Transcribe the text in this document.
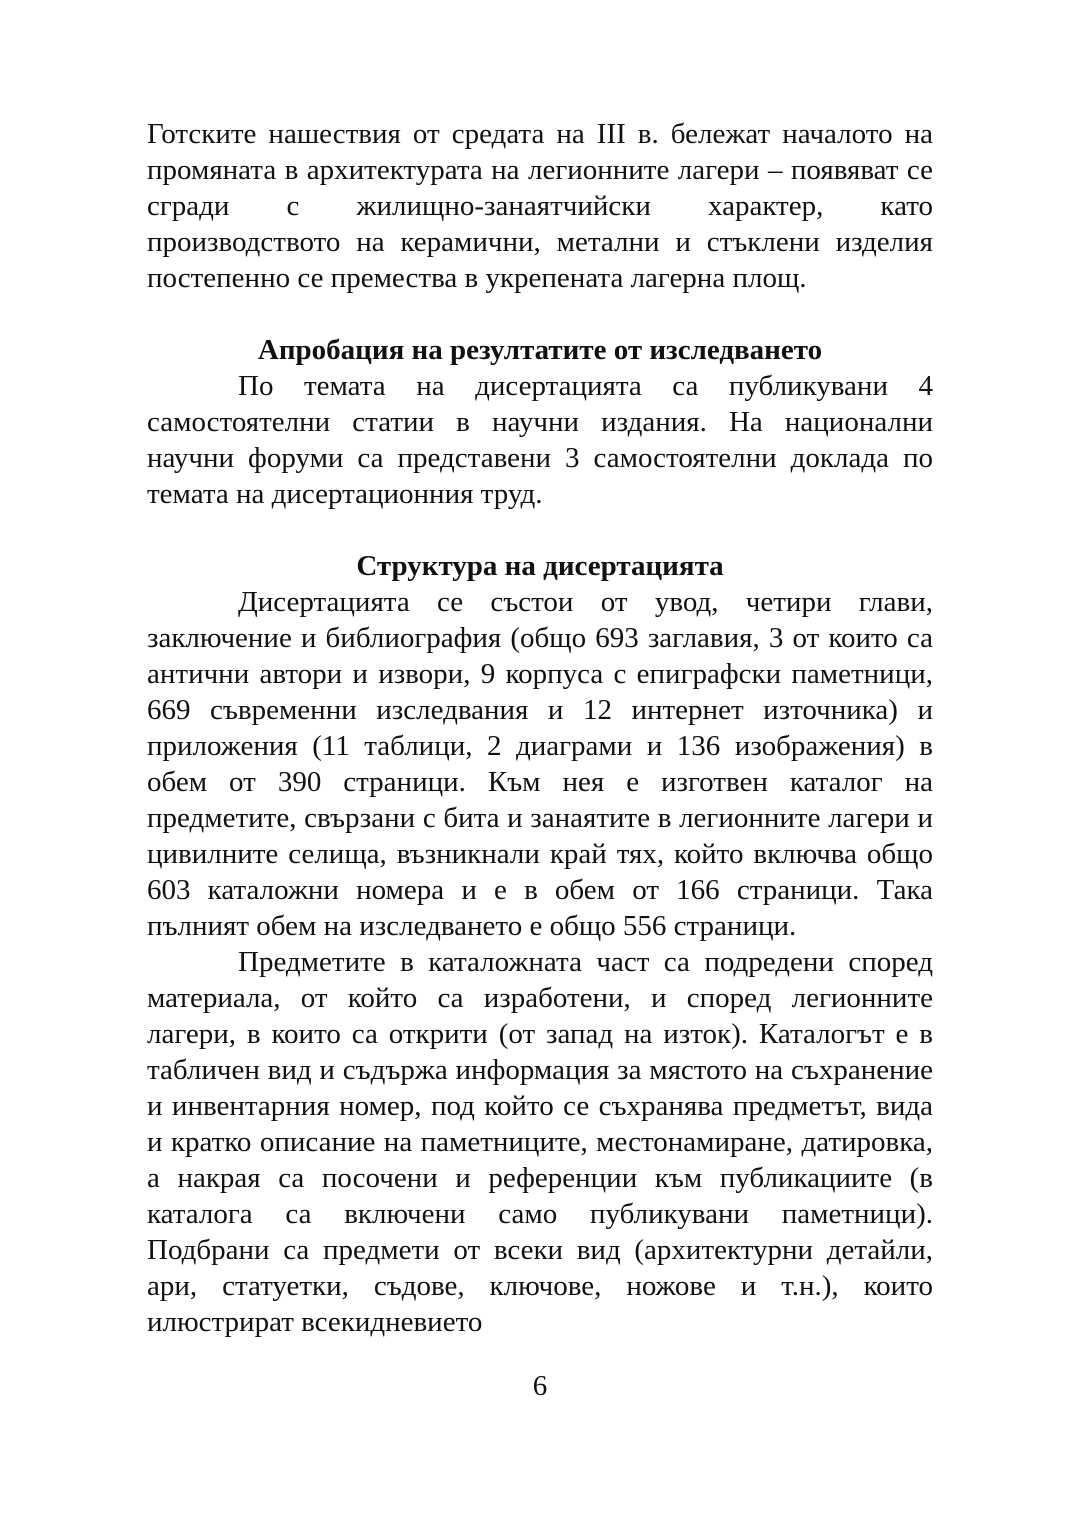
Готските нашествия от средата на III в. бележат началото на промяната в архитектурата на легионните лагери – появяват се сгради с жилищно-занаятчийски характер, като производството на керамични, метални и стъклени изделия постепенно се премества в укрепената лагерна площ.

Апробация на резултатите от изследването

По темата на дисертацията са публикувани 4 самостоятелни статии в научни издания. На национални научни форуми са представени 3 самостоятелни доклада по темата на дисертационния труд.

Структура на дисертацията

Дисертацията се състои от увод, четири глави, заключение и библиография (общо 693 заглавия, 3 от които са антични автори и извори, 9 корпуса с епиграфски паметници, 669 съвременни изследвания и 12 интернет източника) и приложения (11 таблици, 2 диаграми и 136 изображения) в обем от 390 страници. Към нея е изготвен каталог на предметите, свързани с бита и занаятите в легионните лагери и цивилните селища, възникнали край тях, който включва общо 603 каталожни номера и е в обем от 166 страници. Така пълният обем на изследването е общо 556 страници.

Предметите в каталожната част са подредени според материала, от който са изработени, и според легионните лагери, в които са открити (от запад на изток). Каталогът е в табличен вид и съдържа информация за мястото на съхранение и инвентарния номер, под който се съхранява предметът, вида и кратко описание на паметниците, местонамиране, датировка, а накрая са посочени и референции към публикациите (в каталога са включени само публикувани паметници). Подбрани са предмети от всеки вид (архитектурни детайли, ари, статуетки, съдове, ключове, ножове и т.н.), които илюстрират всекидневието

6
